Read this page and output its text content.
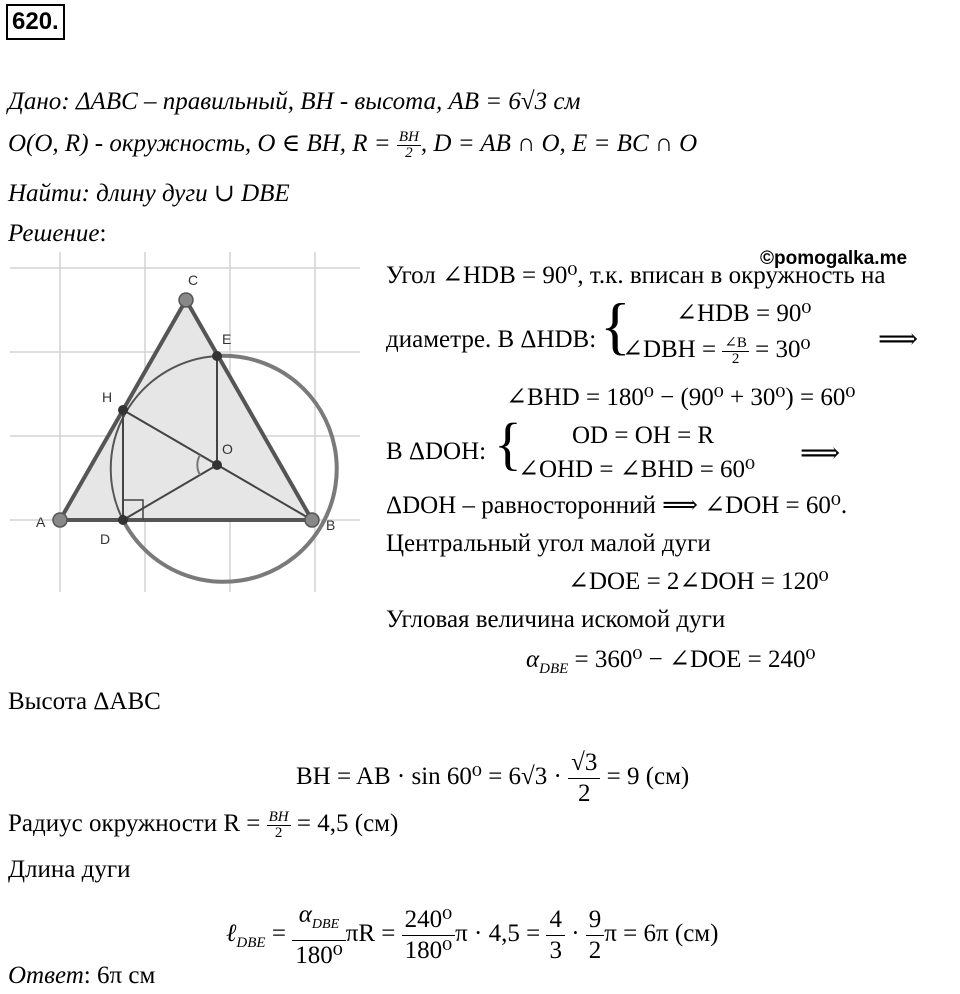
620.
Дано: ΔABC – правильный, BH - высота, AB = 6√3 см
O(O, R) - окружность, O ∈ BH, $R = \frac{BH}{2}$ , D = AB ∩ O, E = BC ∩ O
Найти: длину дуги ∪ DBE
Решение:
©pomogalka.me
A	B
C
D
E
H
O
Угол ∠HDB = 90⁰, т.к. вписан в окружность на
диаметре. В ΔHDB: { ∠HDB = 90⁰
∠DBH = $\frac{\angle B}{2} = 30^0$ ⟹
∠BHD = 180⁰ − (90⁰ + 30⁰) = 60⁰
В ΔDOH: { OD = OH = R
∠OHD = ∠BHD = 60⁰
⟹
ΔDOH – равносторонний ⟹ ∠DOH = 60⁰.
Центральный угол малой дуги
∠DOE = 2∠DOH = 120⁰
Угловая величина искомой дуги
$\alpha_{DBE} = 360^0$ − ∠DOE = 240⁰
Высота ΔABC
BH = AB · $\sin 60^0 = 6√3 \cdot \frac{√3}{2} = 9$ (см)
Радиус окружности $R = \frac{BH}{2} = 4,5$ (см)
Длина дуги
ℓ$_{DBE}$ = $\frac{\alpha_{DBE}}{\text{180⁰}}$ $\pi R = \frac{\text{240⁰}}{\text{180⁰}}$ $\pi \cdot 4,5 = \frac{4}{3} \cdot \frac{9}{2}$ π = 6π (см)
Ответ: 6π см
